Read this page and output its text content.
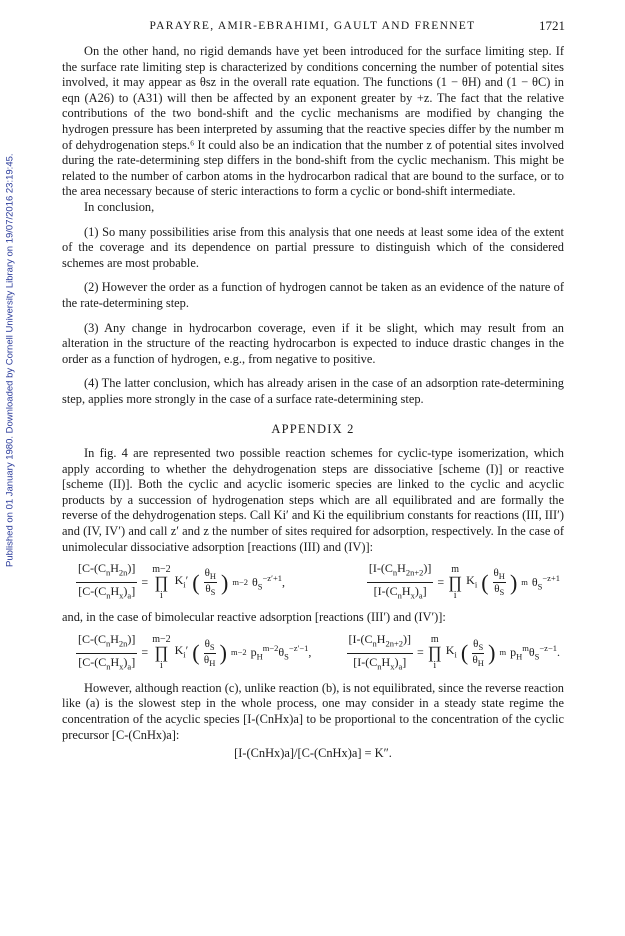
Published on 01 January 1980. Downloaded by Cornell University Library on 19/07/2016 23:19:45.
PARAYRE, AMIR-EBRAHIMI, GAULT AND FRENNET	1721

On the other hand, no rigid demands have yet been introduced for the surface limiting step. If the surface rate limiting step is characterized by conditions concerning the number of potential sites involved, it may appear as θsz in the overall rate equation. The functions (1 − θH) and (1 − θC) in eqn (A26) to (A31) will then be affected by an exponent greater by +z. The fact that the relative contributions of the two bond-shift and the cyclic mechanisms are modified by changing the hydrogen pressure has been interpreted by assuming that the reactive species differ by the number m of dehydrogenation steps.⁶ It could also be an indication that the number z of potential sites involved during the rate-determining step differs in the bond-shift from the cyclic mechanism. This might be related to the number of carbon atoms in the hydrocarbon radical that are bound to the surface, or to the area necessary because of steric interactions to form a cyclic or bond-shift intermediate.

In conclusion,

(1) So many possibilities arise from this analysis that one needs at least some idea of the extent of the coverage and its dependence on partial pressure to distinguish which of the considered schemes are most probable.

(2) However the order as a function of hydrogen cannot be taken as an evidence of the nature of the rate-determining step.

(3) Any change in hydrocarbon coverage, even if it be slight, which may result from an alteration in the structure of the reacting hydrocarbon is expected to induce drastic changes in the order as a function of hydrogen, e.g., from negative to positive.

(4) The latter conclusion, which has already arisen in the case of an adsorption rate-determining step, applies more strongly in the case of a surface rate-determining step.

APPENDIX 2

In fig. 4 are represented two possible reaction schemes for cyclic-type isomerization, which apply according to whether the dehydrogenation steps are dissociative [scheme (I)] or reactive [scheme (II)]. Both the cyclic and acyclic isomeric species are linked to the cyclic and acyclic products by a succession of hydrogenation steps which are all equilibrated and are formally the reverse of the dehydrogenation steps. Call Ki′ and Ki the equilibrium constants for reactions (III, III′) and (IV, IV′) and call z′ and z the number of sites required for adsorption, respectively. In the case of unimolecular dissociative adsorption [reactions (III) and (IV)]:

$\frac{[C-(C_nH_{2n})]}{[C-(C_nH_x)_a]}$ =
m−2
∏
i
$K_i'$ ( $\frac{\theta_H}{\theta_S}$ ) m−2 $\theta_S^{-z'+1}$,	$\frac{[I-(C_nH_{2n+2})]}{[I-(C_nH_x)_a]}$ =
m
∏
i
$K_i$ ( $\frac{\theta_H}{\theta_S}$ ) m $\theta_S^{-z+1}$

and, in the case of bimolecular reactive adsorption [reactions (III′) and (IV′)]:

$\frac{[C-(C_nH_{2n})]}{[C-(C_nH_x)_a]}$ =
m−2
∏
i
$K_i'$ ( $\frac{\theta_S}{\theta_H}$ ) m−2 $p_H^{m-2}\theta_S^{-z'-1}$,	$\frac{[I-(C_nH_{2n+2})]}{[I-(C_nH_x)_a]}$ =
m
∏
i
$K_i$ ( $\frac{\theta_S}{\theta_H}$ ) m $p_H^m\theta_S^{-z-1}$.

However, although reaction (c), unlike reaction (b), is not equilibrated, since the reverse reaction like (a) is the slowest step in the whole process, one may consider in a steady state regime the concentration of the acyclic species [I-(CnHx)a] to be proportional to the concentration of the cyclic precursor [C-(CnHx)a]:

[I-(CnHx)a]/[C-(CnHx)a] = K″.
